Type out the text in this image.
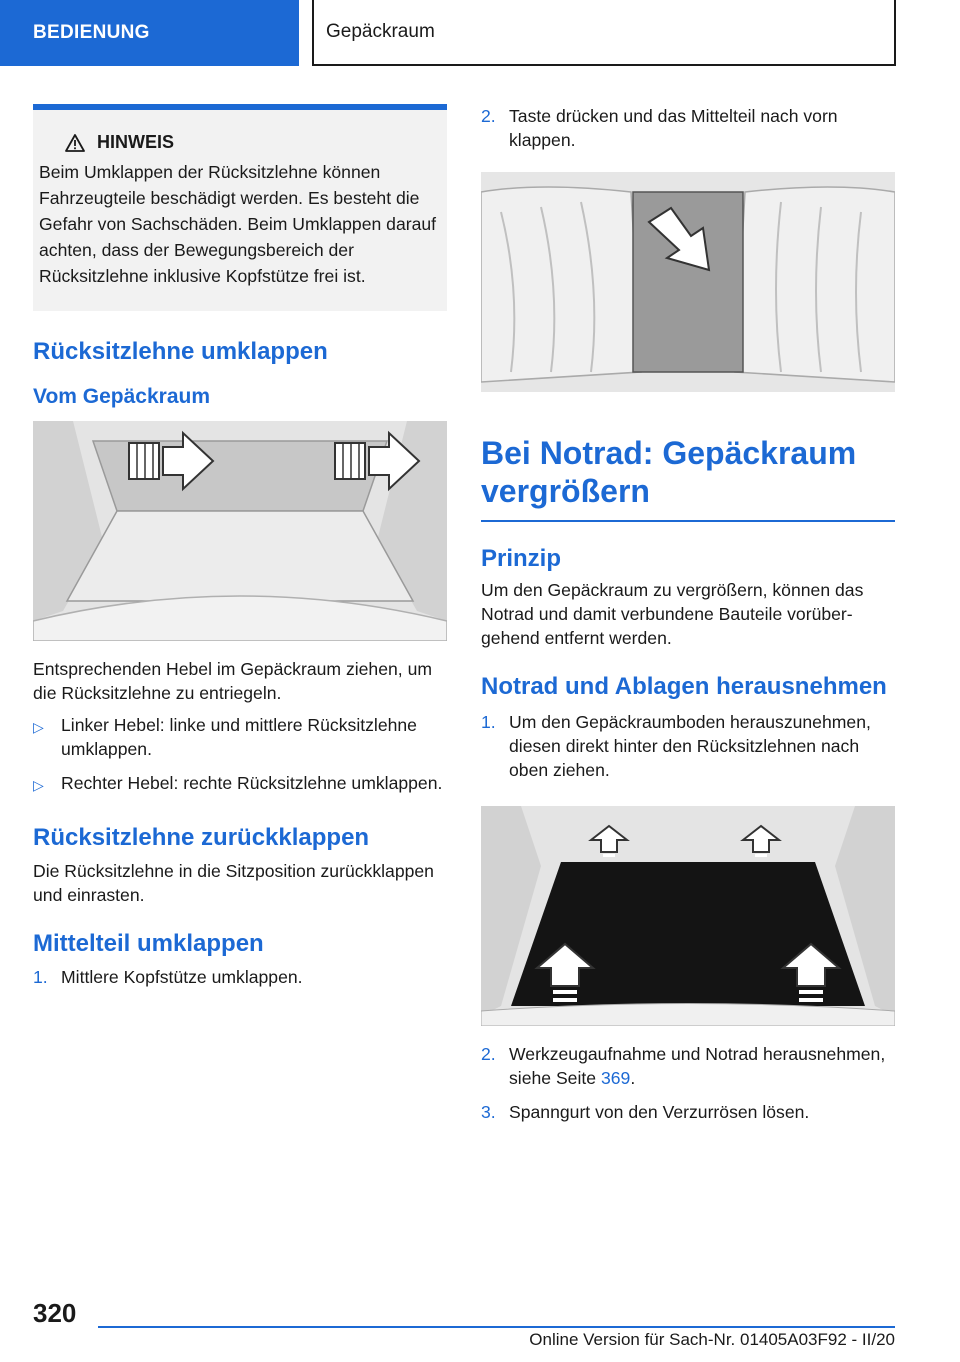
BEDIENUNG	Gepäckraum
HINWEIS
Beim Umklappen der Rücksitzlehne können Fahrzeugteile beschädigt werden. Es besteht die Gefahr von Sachschäden. Beim Umklappen darauf achten, dass der Bewegungsbereich der Rücksitzlehne inklusive Kopfstütze frei ist.
Rücksitzlehne umklappen
Vom Gepäckraum

Entsprechenden Hebel im Gepäckraum ziehen, um die Rücksitzlehne zu entriegeln.

▷ Linker Hebel: linke und mittlere Rücksitzlehne umklappen.
▷ Rechter Hebel: rechte Rücksitzlehne umklappen.
Rücksitzlehne zurückklappen

Die Rücksitzlehne in die Sitzposition zurückklappen und einrasten.

Mittelteil umklappen
1. Mittlere Kopfstütze umklappen.
2. Taste drücken und das Mittelteil nach vorn klappen.
Bei Notrad: Gepäckraum vergrößern
Prinzip

Um den Gepäckraum zu vergrößern, können das Notrad und damit verbundene Bauteile vorübergehend entfernt werden.

Notrad und Ablagen herausnehmen
1. Um den Gepäckraumboden herauszunehmen, diesen direkt hinter den Rücksitzlehnen nach oben ziehen.
2. Werkzeugaufnahme und Notrad herausnehmen, siehe Seite 369.
3. Spanngurt von den Verzurrösen lösen.
320
Online Version für Sach-Nr. 01405A03F92 - II/20
